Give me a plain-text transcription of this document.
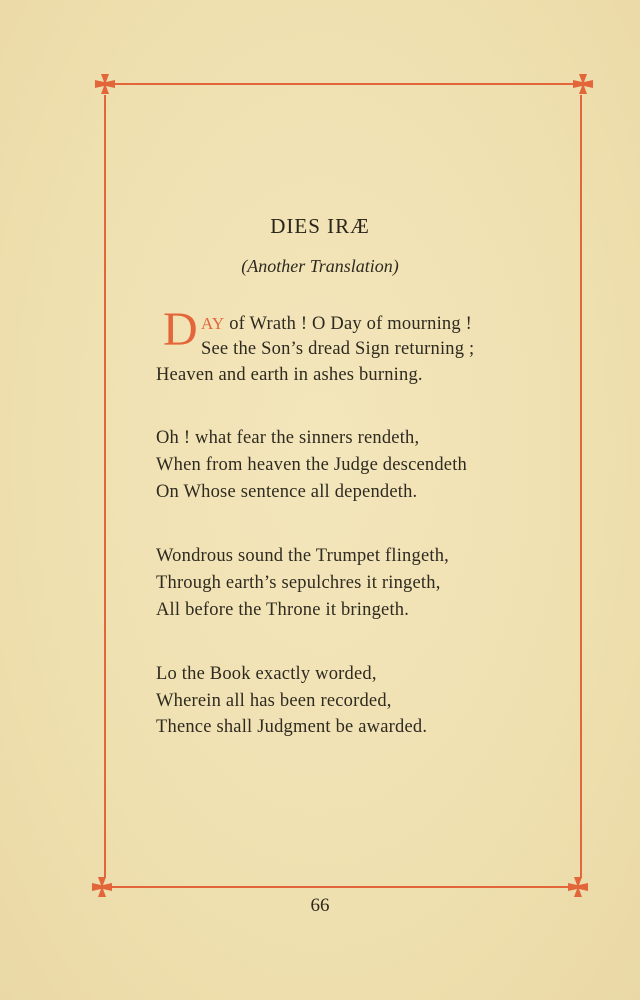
DIES IRÆ
(Another Translation)
D AY of Wrath ! O Day of mourning !
See the Son’s dread Sign returning ;
Heaven and earth in ashes burning.
Oh ! what fear the sinners rendeth,
When from heaven the Judge descendeth
On Whose sentence all dependeth.
Wondrous sound the Trumpet flingeth,
Through earth’s sepulchres it ringeth,
All before the Throne it bringeth.
Lo the Book exactly worded,
Wherein all has been recorded,
Thence shall Judgment be awarded.
66
